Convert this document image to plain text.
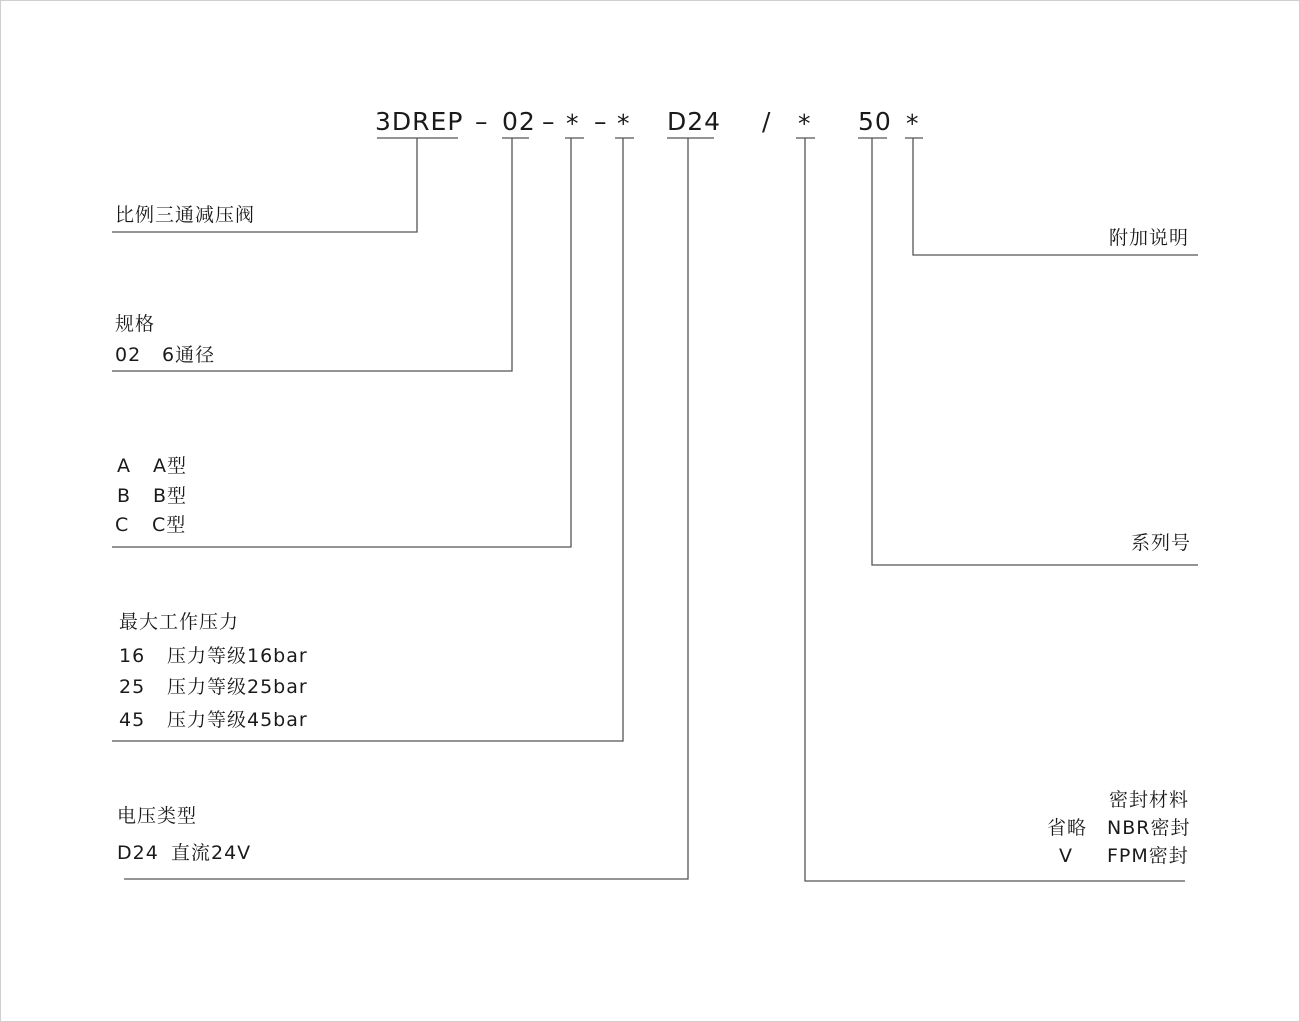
3DREP – 02 – * – * D24 / * 50 *
比例三通减压阀
规格
02 6通径
A A型
B B型
C C型
最大工作压力
16 压力等级16bar
25 压力等级25bar
45 压力等级45bar
电压类型
D24 直流24V
附加说明
系列号
密封材料
省略 NBR密封
V FPM密封
